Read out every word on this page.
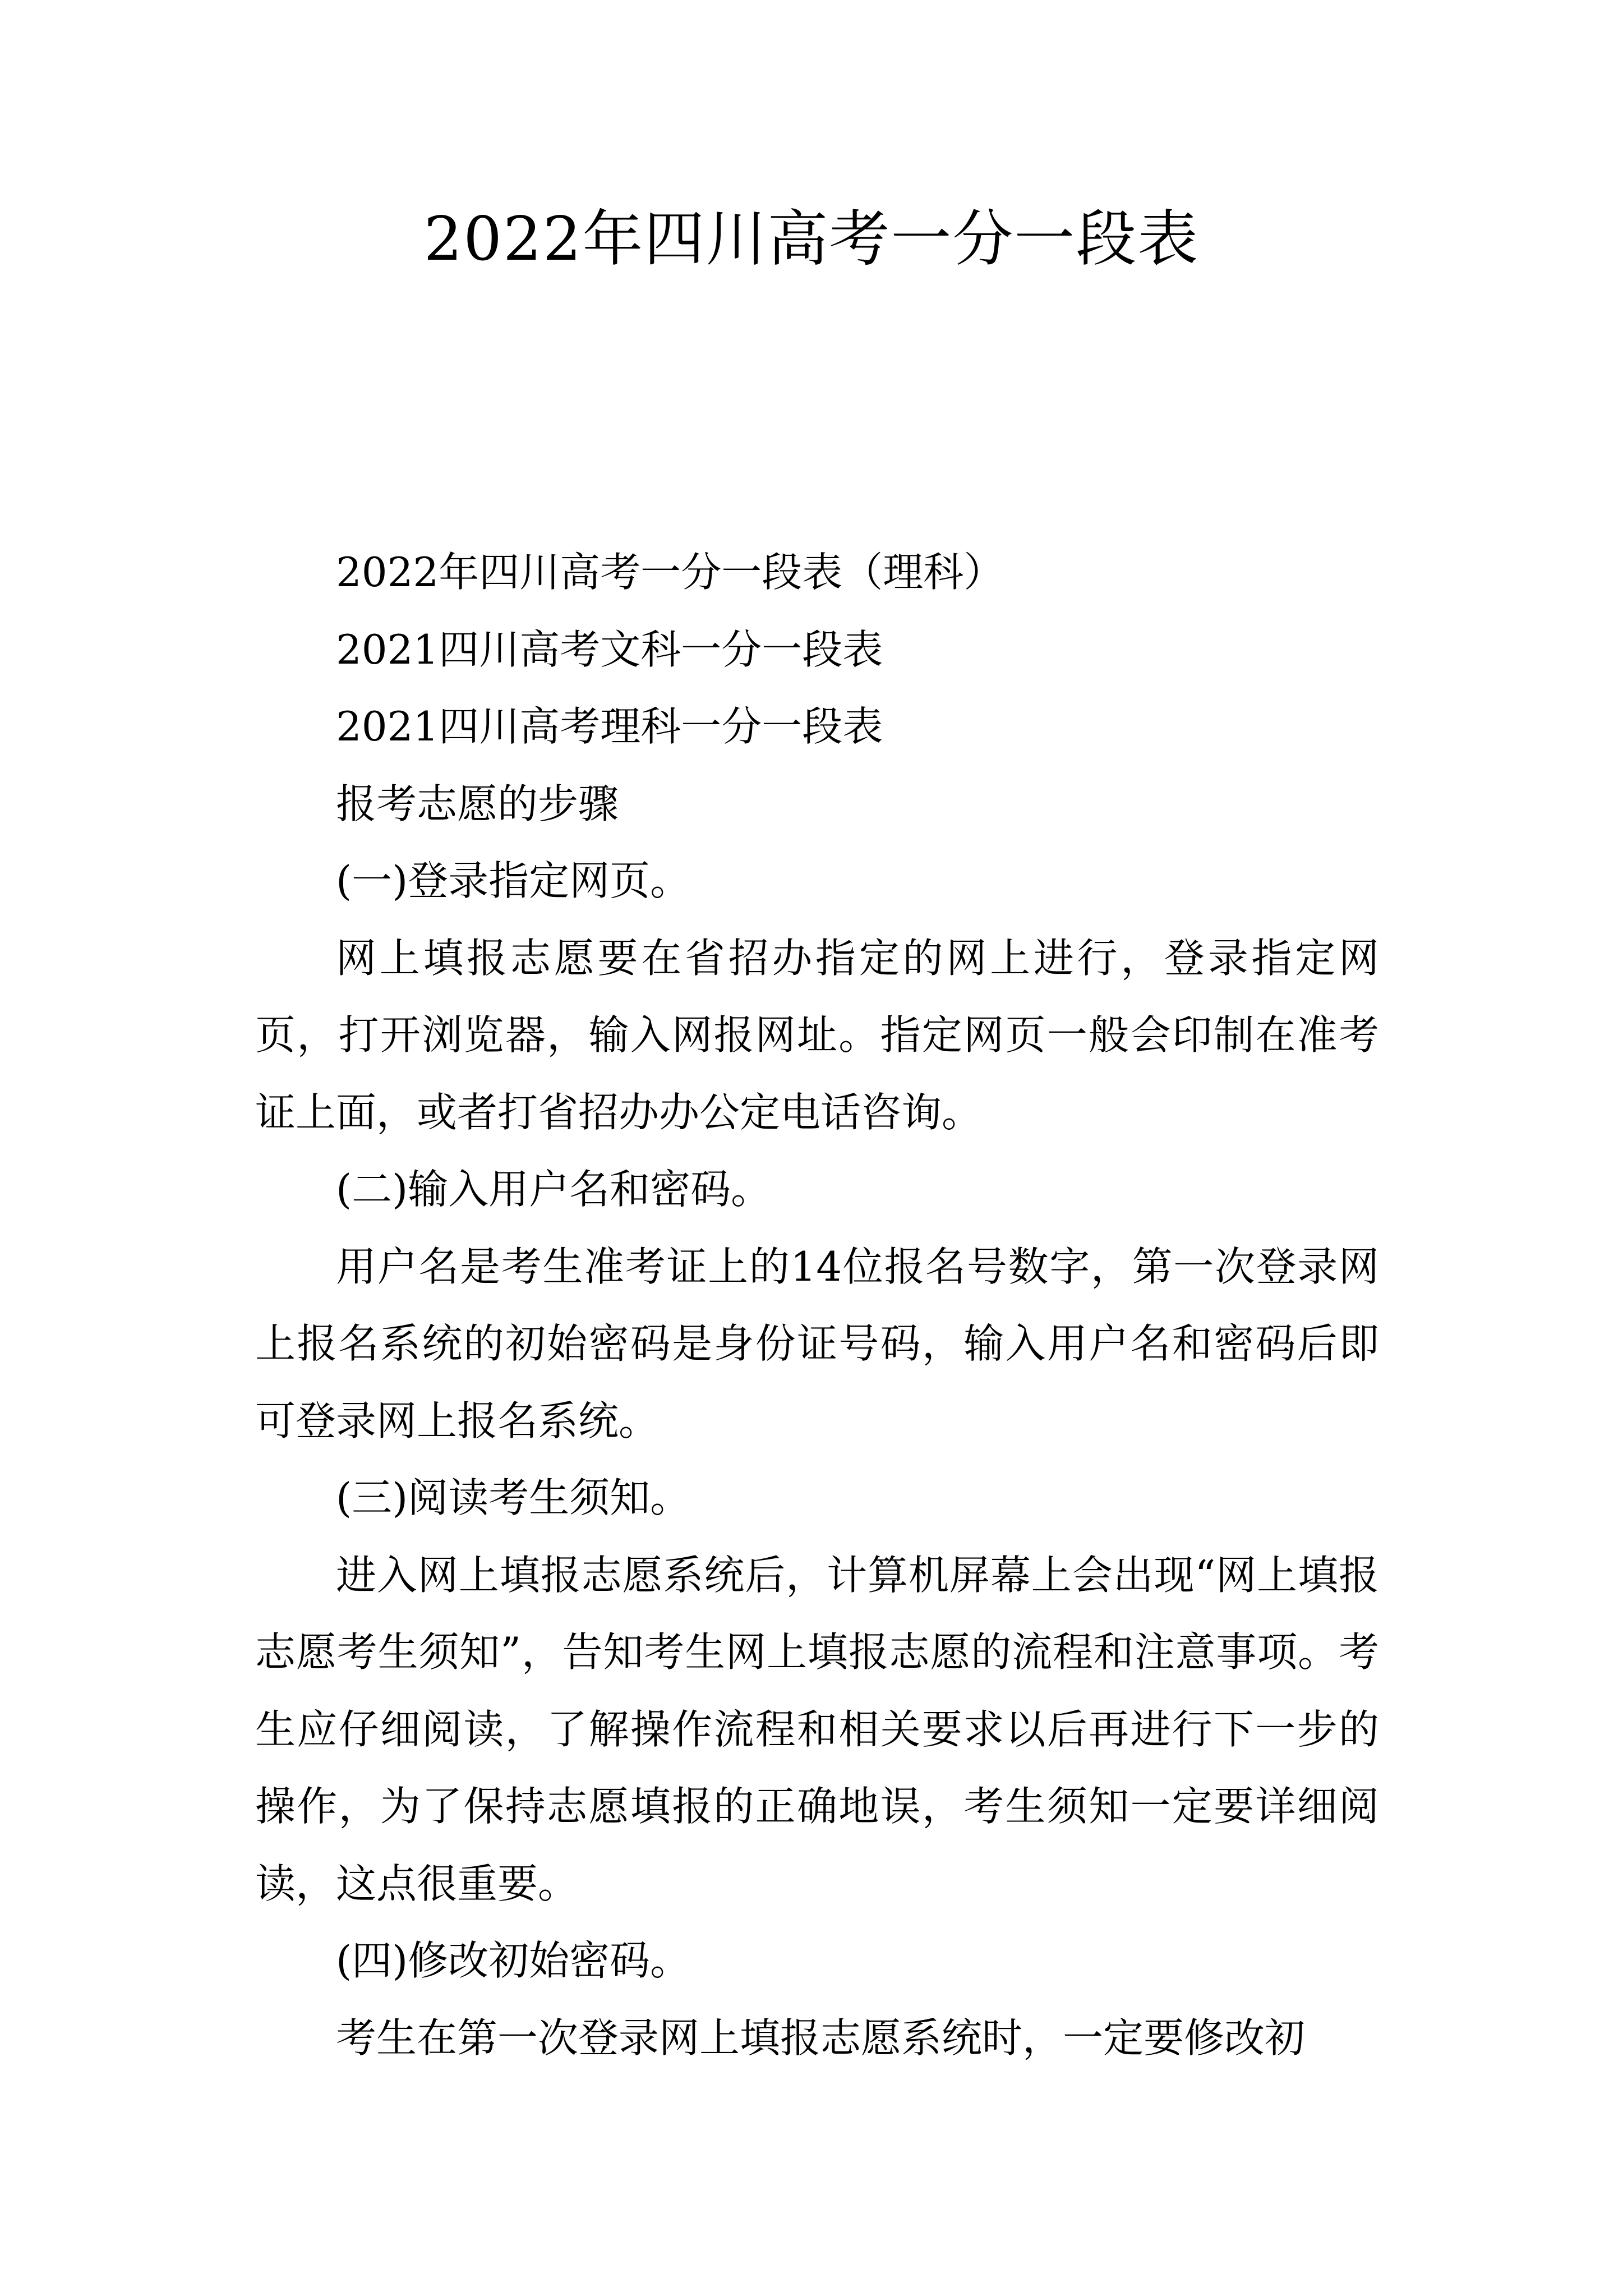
2022年四川高考一分一段表

2022年四川高考一分一段表（理科）

2021四川高考文科一分一段表

2021四川高考理科一分一段表

报考志愿的步骤

(一)登录指定网页。

网上填报志愿要在省招办指定的网上进行，登录指定网页，打开浏览器，输入网报网址。指定网页一般会印制在准考证上面，或者打省招办办公定电话咨询。

(二)输入用户名和密码。

用户名是考生准考证上的14位报名号数字，第一次登录网上报名系统的初始密码是身份证号码，输入用户名和密码后即可登录网上报名系统。

(三)阅读考生须知。

进入网上填报志愿系统后，计算机屏幕上会出现“网上填报志愿考生须知”，告知考生网上填报志愿的流程和注意事项。考生应仔细阅读，了解操作流程和相关要求以后再进行下一步的操作，为了保持志愿填报的正确地误，考生须知一定要详细阅读，这点很重要。

(四)修改初始密码。

考生在第一次登录网上填报志愿系统时，一定要修改初
